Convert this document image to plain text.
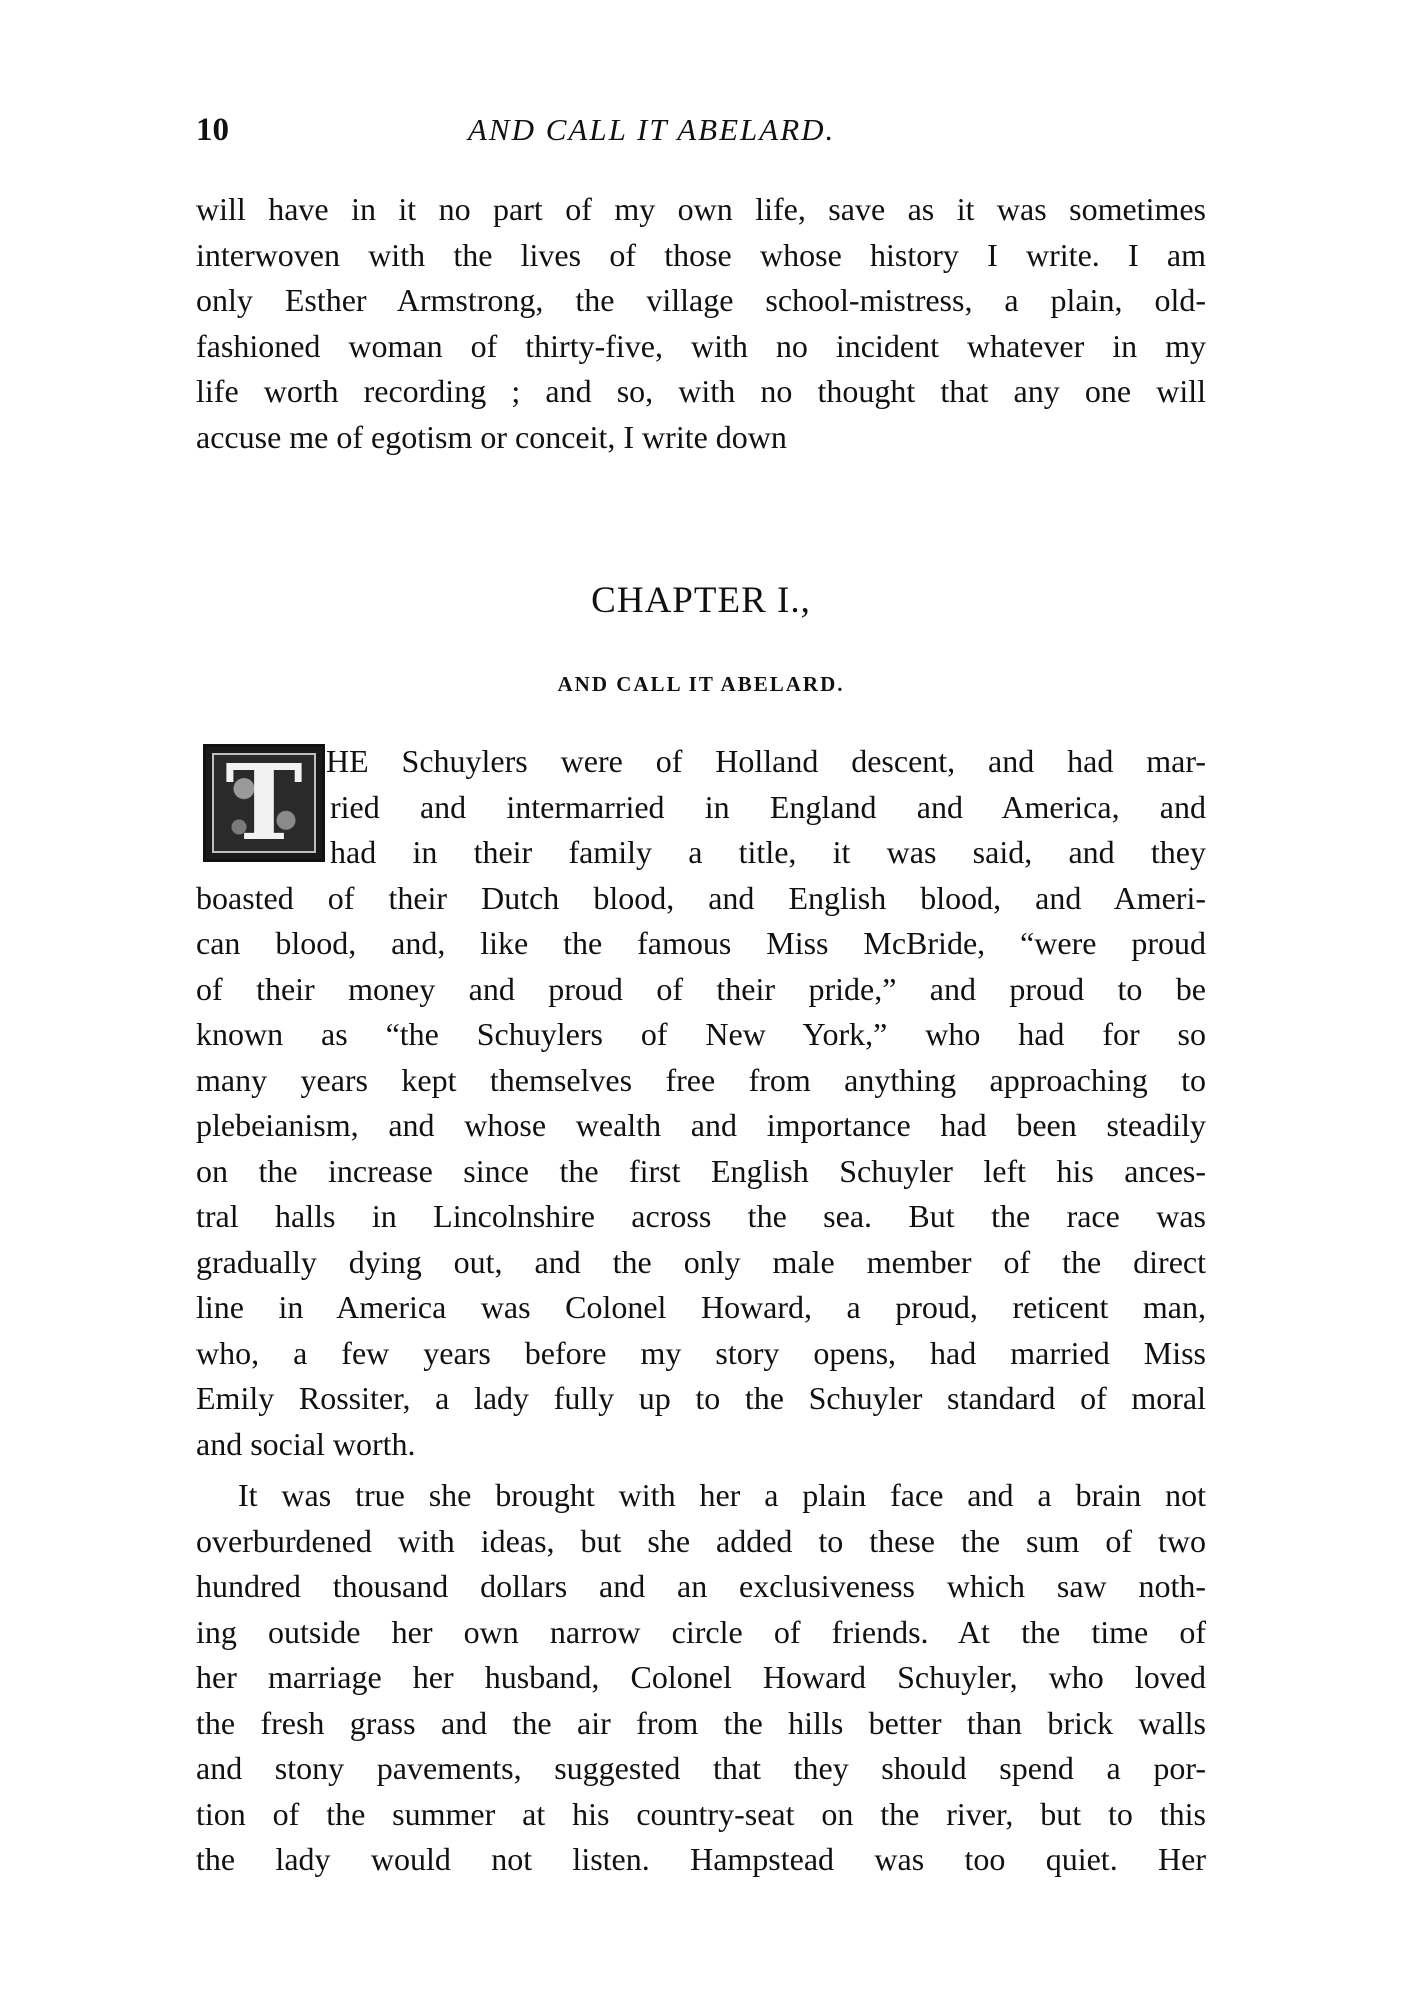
10	AND CALL IT ABELARD.
will have in it no part of my own life, save as it was sometimes
interwoven with the lives of those whose history I write. I am
only Esther Armstrong, the village school-mistress, a plain, old-
fashioned woman of thirty-five, with no incident whatever in my
life worth recording ; and so, with no thought that any one will
accuse me of egotism or conceit, I write down
CHAPTER I.,
AND CALL IT ABELARD.
T HE Schuylers were of Holland descent, and had mar-
ried and intermarried in England and America, and
had in their family a title, it was said, and they
boasted of their Dutch blood, and English blood, and Ameri-
can blood, and, like the famous Miss McBride, “were proud
of their money and proud of their pride,” and proud to be
known as “the Schuylers of New York,” who had for so
many years kept themselves free from anything approaching to
plebeianism, and whose wealth and importance had been steadily
on the increase since the first English Schuyler left his ances-
tral halls in Lincolnshire across the sea. But the race was
gradually dying out, and the only male member of the direct
line in America was Colonel Howard, a proud, reticent man,
who, a few years before my story opens, had married Miss
Emily Rossiter, a lady fully up to the Schuyler standard of moral
and social worth.
It was true she brought with her a plain face and a brain not
overburdened with ideas, but she added to these the sum of two
hundred thousand dollars and an exclusiveness which saw noth-
ing outside her own narrow circle of friends. At the time of
her marriage her husband, Colonel Howard Schuyler, who loved
the fresh grass and the air from the hills better than brick walls
and stony pavements, suggested that they should spend a por-
tion of the summer at his country-seat on the river, but to this
the lady would not listen. Hampstead was too quiet. Her
